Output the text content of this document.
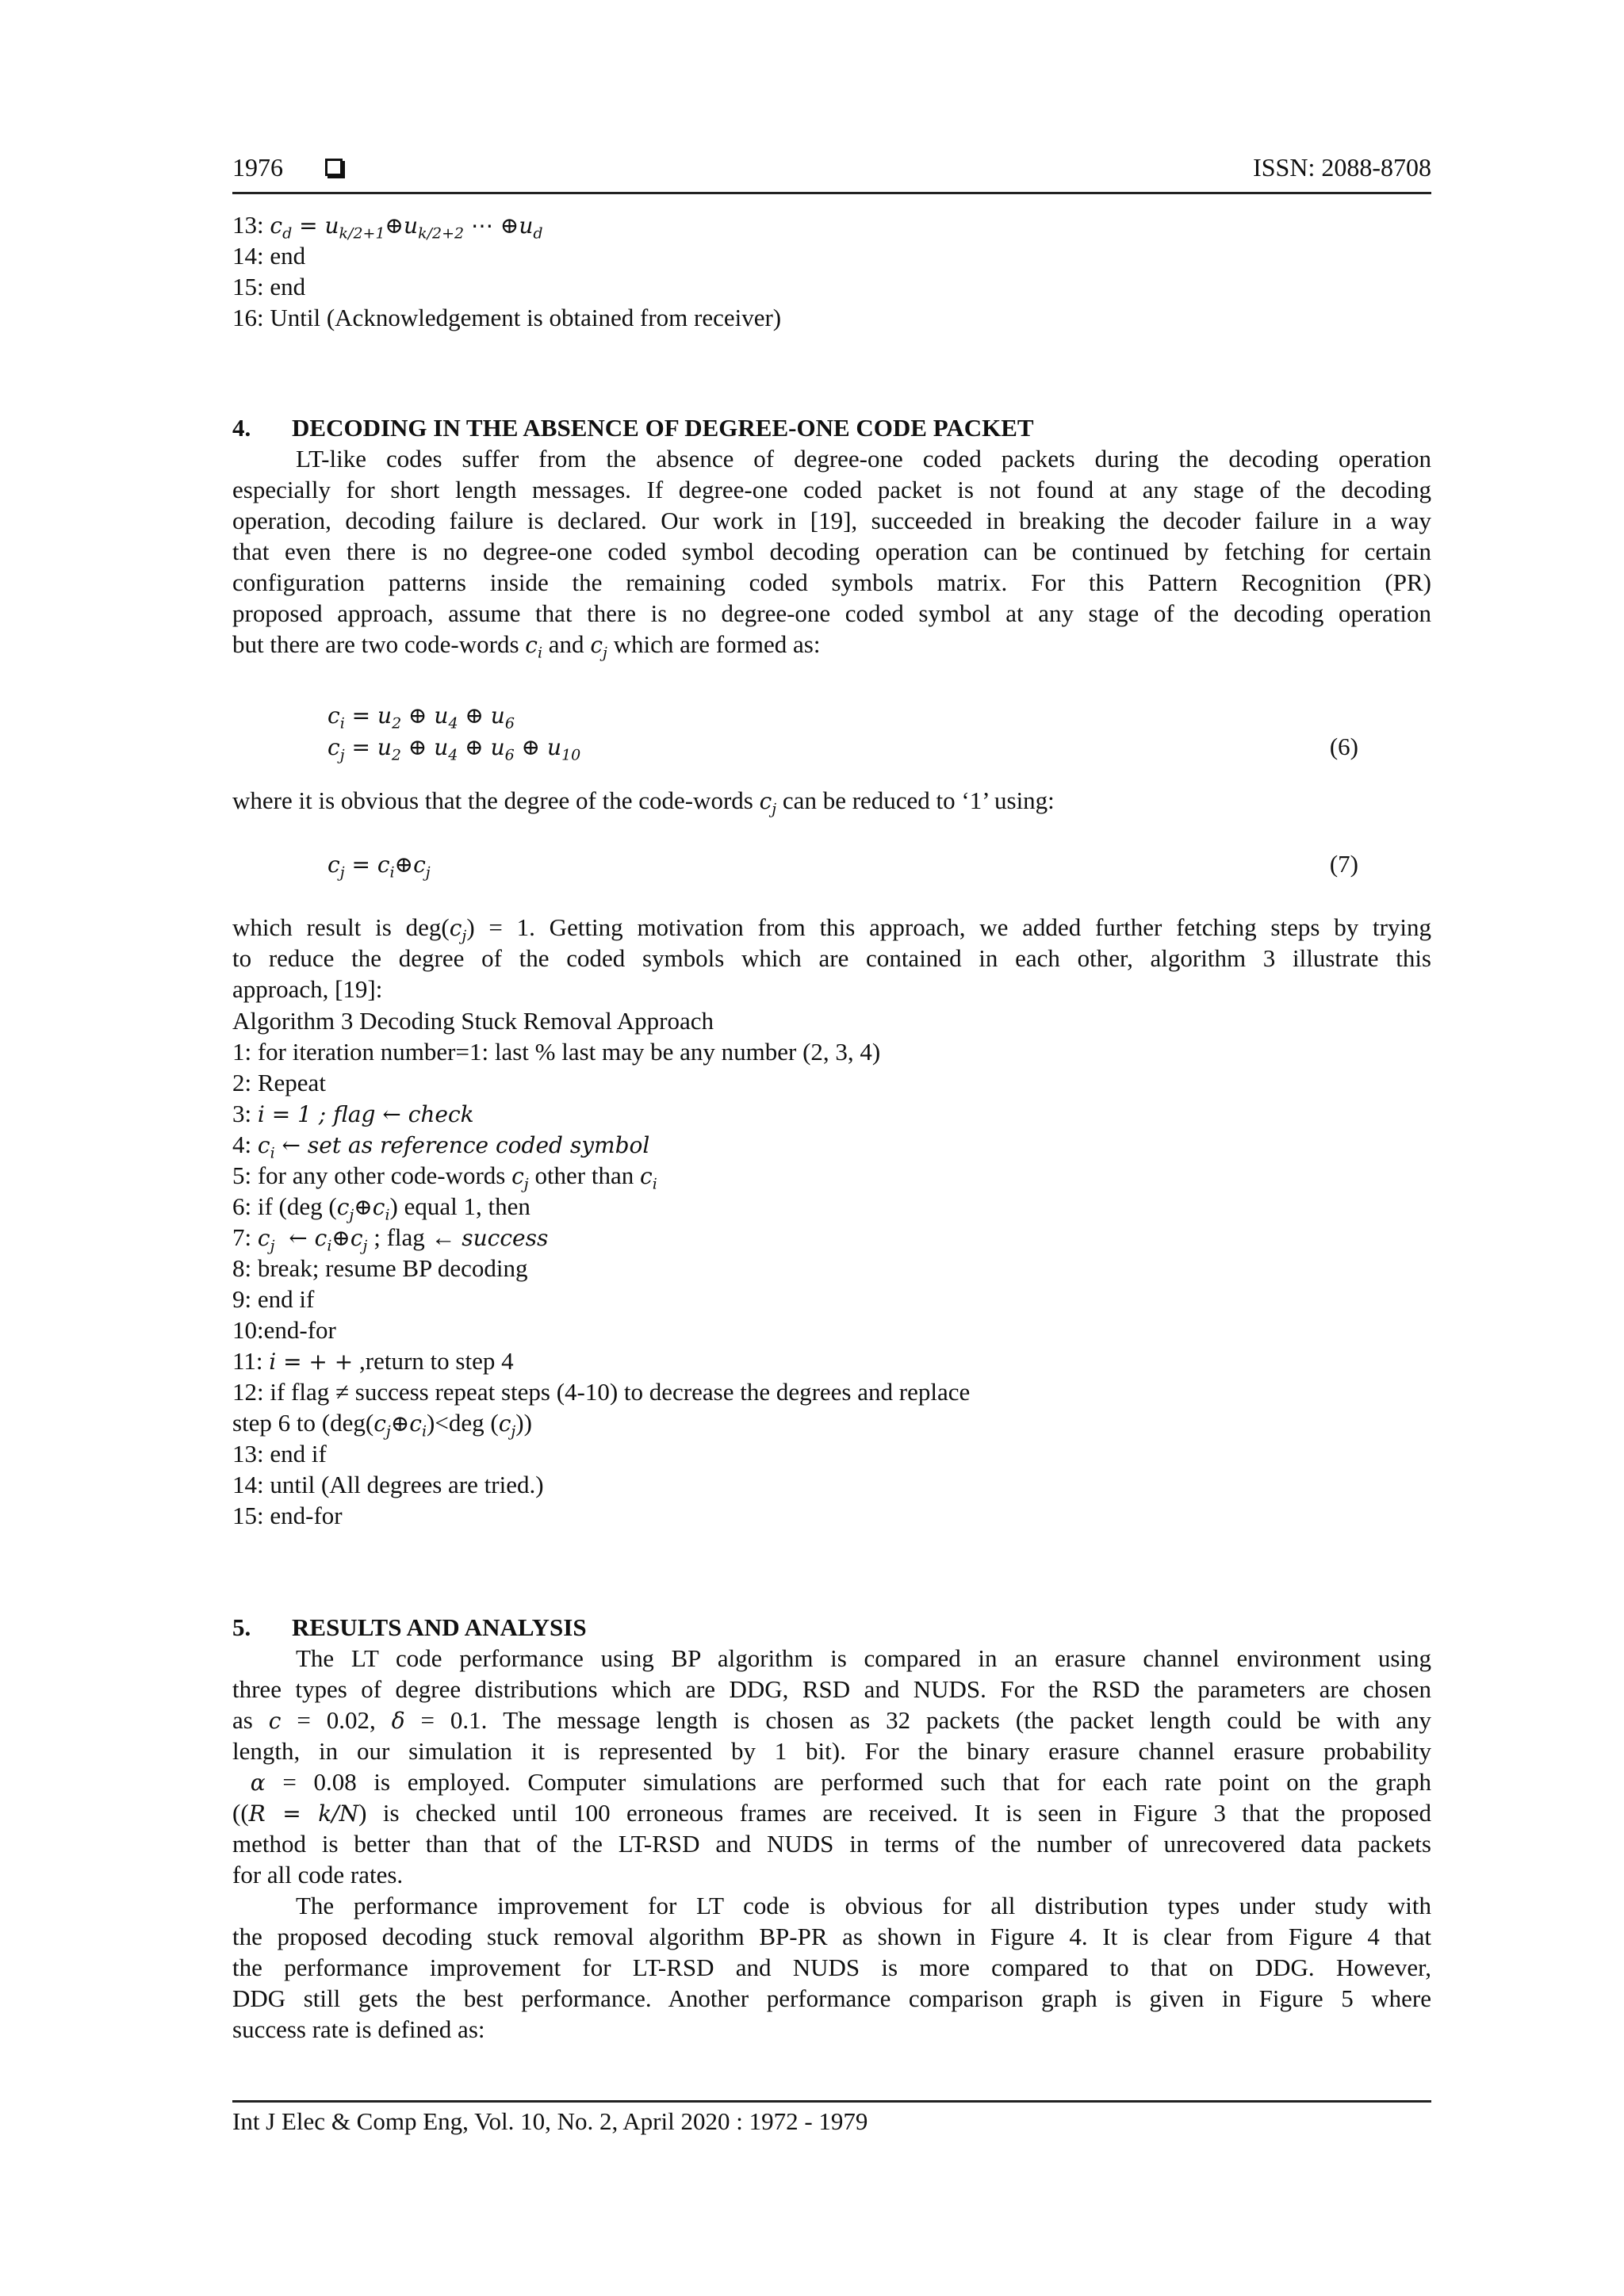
1976	ISSN: 2088-8708
13: $c_d$ = $u_{k/2+1}\oplus u_{k/2+2}$ ⋯ $\oplus u_d$
14: end
15: end
16: Until (Acknowledgement is obtained from receiver)
4. DECODING IN THE ABSENCE OF DEGREE-ONE CODE PACKET
LT-like codes suffer from the absence of degree-one coded packets during the decoding operation
especially for short length messages. If degree-one coded packet is not found at any stage of the decoding
operation, decoding failure is declared. Our work in [19], succeeded in breaking the decoder failure in a way
that even there is no degree-one coded symbol decoding operation can be continued by fetching for certain
configuration patterns inside the remaining coded symbols matrix. For this Pattern Recognition (PR)
proposed approach, assume that there is no degree-one coded symbol at any stage of the decoding operation
but there are two code-words $c_i$ and $c_j$ which are formed as:
$c_i = u_2$ ⊕ $u_4$ ⊕ $u_6$
$c_j = u_2$ ⊕ $u_4$ ⊕ $u_6$ ⊕ $u_{10}$	(6)
where it is obvious that the degree of the code-words $c_j$ can be reduced to ‘1’ using:
$c_j$ = $c_i\oplus c_j$	(7)
which result is $deg(c_j) = 1$. Getting motivation from this approach, we added further fetching steps by trying
to reduce the degree of the coded symbols which are contained in each other, algorithm 3 illustrate this
approach, [19]:
Algorithm 3 Decoding Stuck Removal Approach
1: for iteration number=1: last % last may be any number (2, 3, 4)
2: Repeat
3: i = 1 ; flag ← check
4: $c_i$ ← set as reference coded symbol
5: for any other code-words $c_j$ other than $c_i$
6: if (deg $(c_j\oplus c_i)$ equal 1, then
7: $c_j$  ← $c_i\oplus c_j$ ; flag ← success
8: break; resume BP decoding
9: end if
10:end-for
11: i = + + ,return to step 4
12: if flag ≠ success repeat steps (4-10) to decrease the degrees and replace
step 6 to ($deg(c_j\oplus c_i)<deg$ $(c_j)$)
13: end if
14: until (All degrees are tried.)
15: end-for
5. RESULTS AND ANALYSIS
The LT code performance using BP algorithm is compared in an erasure channel environment using
three types of degree distributions which are DDG, RSD and NUDS. For the RSD the parameters are chosen
as c = 0.02, δ = 0.1. The message length is chosen as 32 packets (the packet length could be with any
length, in our simulation it is represented by 1 bit). For the binary erasure channel erasure probability
α = 0.08 is employed. Computer simulations are performed such that for each rate point on the graph
((R = k/N) is checked until 100 erroneous frames are received. It is seen in Figure 3 that the proposed
method is better than that of the LT-RSD and NUDS in terms of the number of unrecovered data packets
for all code rates.
The performance improvement for LT code is obvious for all distribution types under study with
the proposed decoding stuck removal algorithm BP-PR as shown in Figure 4. It is clear from Figure 4 that
the performance improvement for LT-RSD and NUDS is more compared to that on DDG. However,
DDG still gets the best performance. Another performance comparison graph is given in Figure 5 where
success rate is defined as:
Int J Elec & Comp Eng, Vol. 10, No. 2, April 2020 : 1972 - 1979
